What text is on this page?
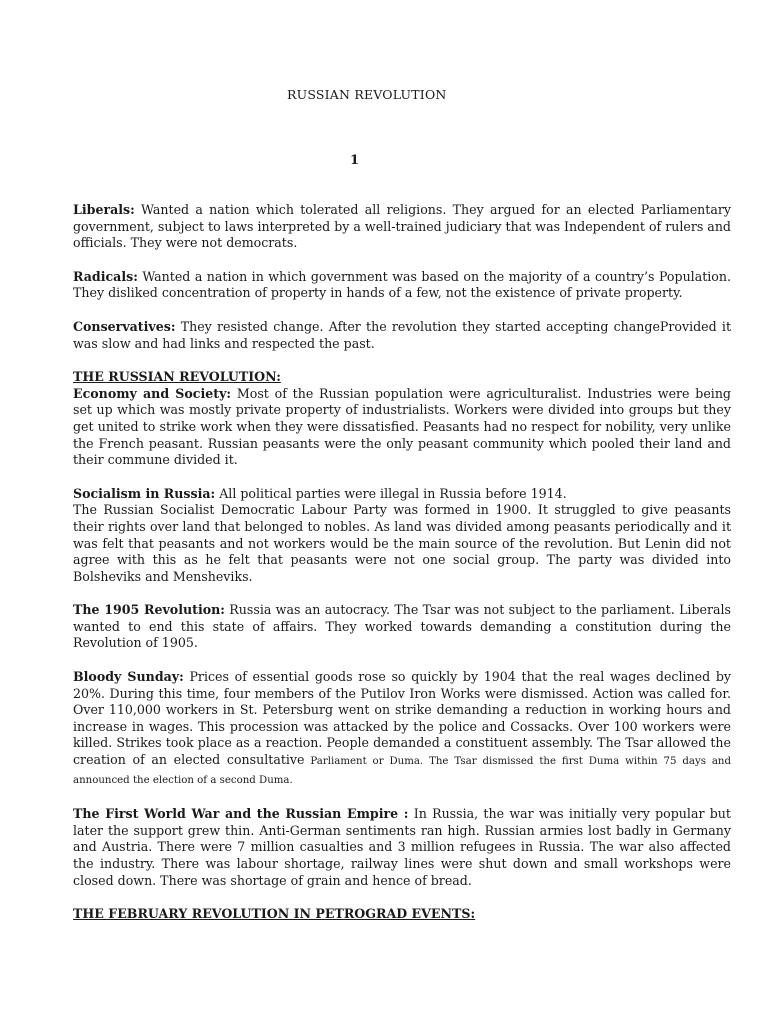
RUSSIAN REVOLUTION
1

Liberals: Wanted a nation which tolerated all religions. They argued for an elected Parliamentary government, subject to laws interpreted by a well-trained judiciary that was Independent of rulers and officials. They were not democrats.

Radicals: Wanted a nation in which government was based on the majority of a country’s Population. They disliked concentration of property in hands of a few, not the existence of private property.

Conservatives: They resisted change. After the revolution they started accepting changeProvided it was slow and had links and respected the past.

THE RUSSIAN REVOLUTION:

Economy and Society: Most of the Russian population were agriculturalist. Industries were being set up which was mostly private property of industrialists. Workers were divided into groups but they get united to strike work when they were dissatisfied. Peasants had no respect for nobility, very unlike the French peasant. Russian peasants were the only peasant community which pooled their land and their commune divided it.

Socialism in Russia: All political parties were illegal in Russia before 1914.

The Russian Socialist Democratic Labour Party was formed in 1900. It struggled to give peasants their rights over land that belonged to nobles. As land was divided among peasants periodically and it was felt that peasants and not workers would be the main source of the revolution. But Lenin did not agree with this as he felt that peasants were not one social group. The party was divided into Bolsheviks and Mensheviks.

The 1905 Revolution: Russia was an autocracy. The Tsar was not subject to the parliament. Liberals wanted to end this state of affairs. They worked towards demanding a constitution during the Revolution of 1905.

Bloody Sunday: Prices of essential goods rose so quickly by 1904 that the real wages declined by 20%. During this time, four members of the Putilov Iron Works were dismissed. Action was called for. Over 110,000 workers in St. Petersburg went on strike demanding a reduction in working hours and increase in wages. This procession was attacked by the police and Cossacks. Over 100 workers were killed. Strikes took place as a reaction. People demanded a constituent assembly. The Tsar allowed the creation of an elected consultative Parliament or Duma. The Tsar dismissed the first Duma within 75 days and announced the election of a second Duma.

The First World War and the Russian Empire : In Russia, the war was initially very popular but later the support grew thin. Anti-German sentiments ran high. Russian armies lost badly in Germany and Austria. There were 7 million casualties and 3 million refugees in Russia. The war also affected the industry. There was labour shortage, railway lines were shut down and small workshops were closed down. There was shortage of grain and hence of bread.

THE FEBRUARY REVOLUTION IN PETROGRAD EVENTS:
